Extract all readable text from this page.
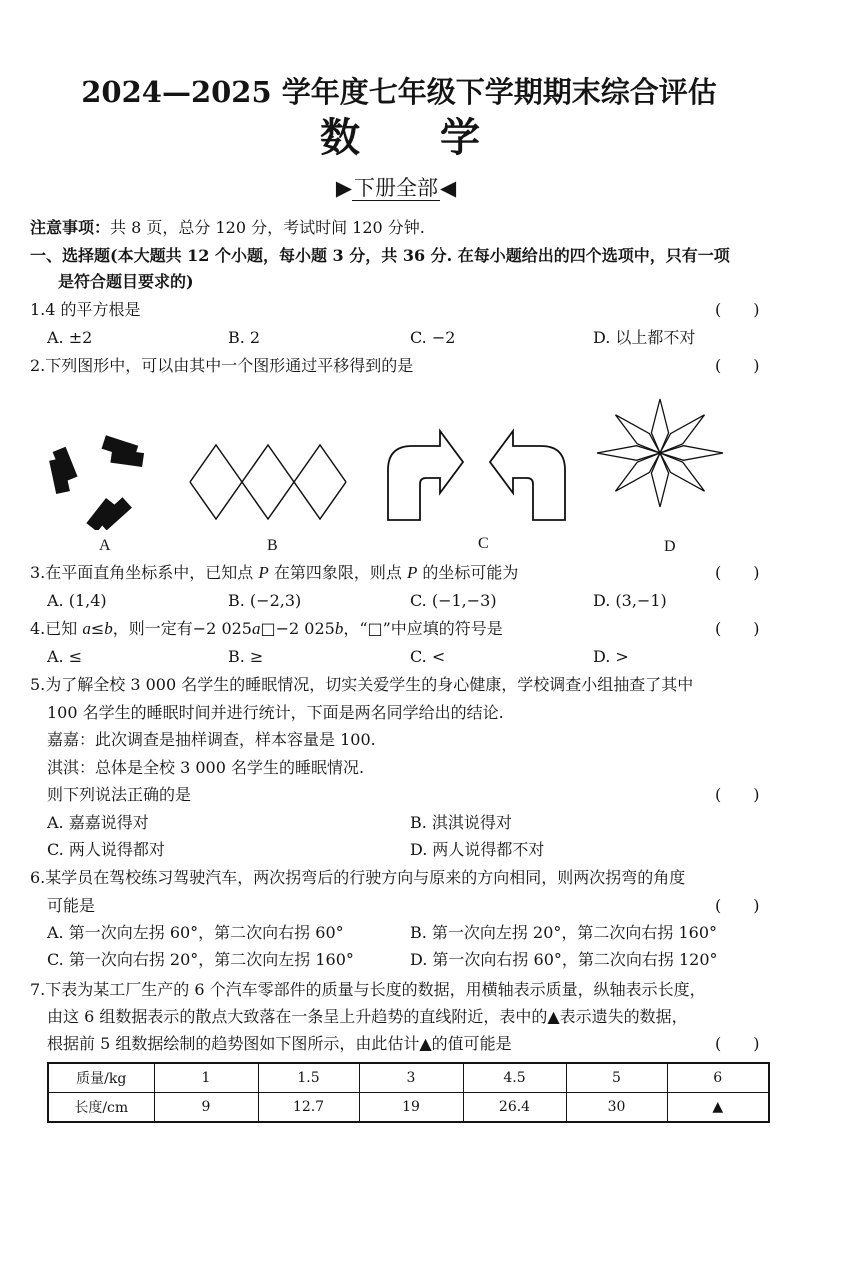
2024—2025 学年度七年级下学期期末综合评估
数　　学
▶下册全部◀
注意事项：共 8 页，总分 120 分，考试时间 120 分钟.
一、选择题(本大题共 12 个小题，每小题 3 分，共 36 分. 在每小题给出的四个选项中，只有一项
是符合题目要求的)
1.4 的平方根是	(　　)
A. ±2	B. 2	C. −2	D. 以上都不对
2.下列图形中，可以由其中一个图形通过平移得到的是	(　　)
A	B	C	D
3.在平面直角坐标系中，已知点 P 在第四象限，则点 P 的坐标可能为	(　　)
A. (1,4)	B. (−2,3)	C. (−1,−3)	D. (3,−1)
4.已知 a≤b，则一定有−2 025a□−2 025b，“□”中应填的符号是	(　　)
A. ≤	B. ≥	C. <	D. >
5.为了解全校 3 000 名学生的睡眠情况，切实关爱学生的身心健康，学校调查小组抽查了其中
100 名学生的睡眠时间并进行统计，下面是两名同学给出的结论.
嘉嘉：此次调查是抽样调查，样本容量是 100.
淇淇：总体是全校 3 000 名学生的睡眠情况.
则下列说法正确的是	(　　)
A. 嘉嘉说得对	B. 淇淇说得对
C. 两人说得都对	D. 两人说得都不对
6.某学员在驾校练习驾驶汽车，两次拐弯后的行驶方向与原来的方向相同，则两次拐弯的角度
可能是	(　　)
A. 第一次向左拐 60°，第二次向右拐 60°	B. 第一次向左拐 20°，第二次向右拐 160°
C. 第一次向右拐 20°，第二次向左拐 160°	D. 第一次向右拐 60°，第二次向右拐 120°
7.下表为某工厂生产的 6 个汽车零部件的质量与长度的数据，用横轴表示质量，纵轴表示长度，
由这 6 组数据表示的散点大致落在一条呈上升趋势的直线附近，表中的▲表示遗失的数据，
根据前 5 组数据绘制的趋势图如下图所示，由此估计▲的值可能是	(　　)
质量/kg	1	1.5	3	4.5	5	6
长度/cm	9	12.7	19	26.4	30	▲
